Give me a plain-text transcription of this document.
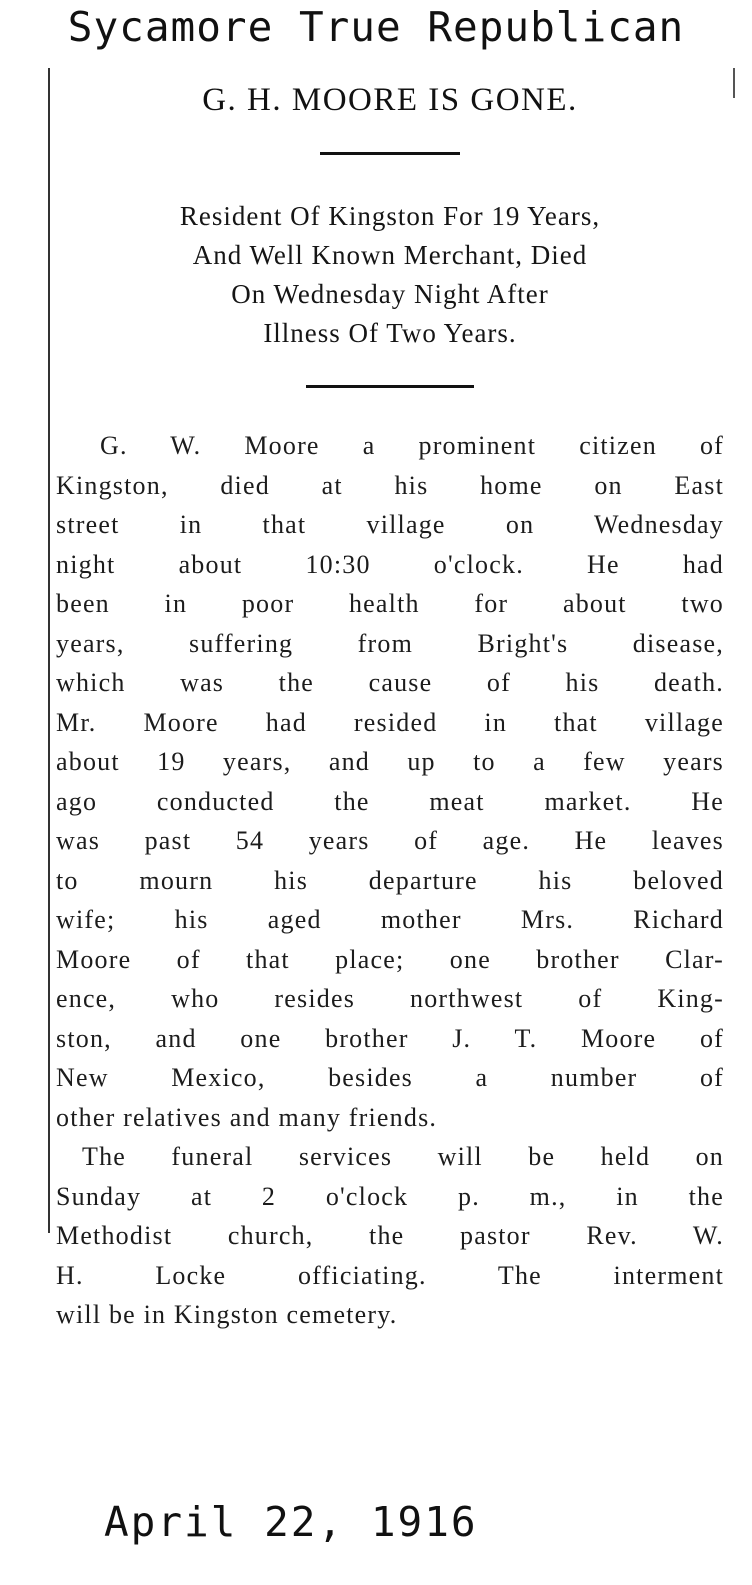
Sycamore True Republican
G. H. MOORE IS GONE.
Resident Of Kingston For 19 Years,
And Well Known Merchant, Died
On Wednesday Night After
Illness Of Two Years.
G. W. Moore a prominent citizen of
Kingston, died at his home on East
street in that village on Wednesday
night about 10:30 o'clock. He had
been in poor health for about two
years, suffering from Bright's disease,
which was the cause of his death.
Mr. Moore had resided in that village
about 19 years, and up to a few years
ago conducted the meat market. He
was past 54 years of age. He leaves
to mourn his departure his beloved
wife; his aged mother Mrs. Richard
Moore of that place; one brother Clar-
ence, who resides northwest of King-
ston, and one brother J. T. Moore of
New Mexico, besides a number of
other relatives and many friends.
The funeral services will be held on
Sunday at 2 o'clock p. m., in the
Methodist church, the pastor Rev. W.
H. Locke officiating. The interment
will be in Kingston cemetery.
April 22, 1916
